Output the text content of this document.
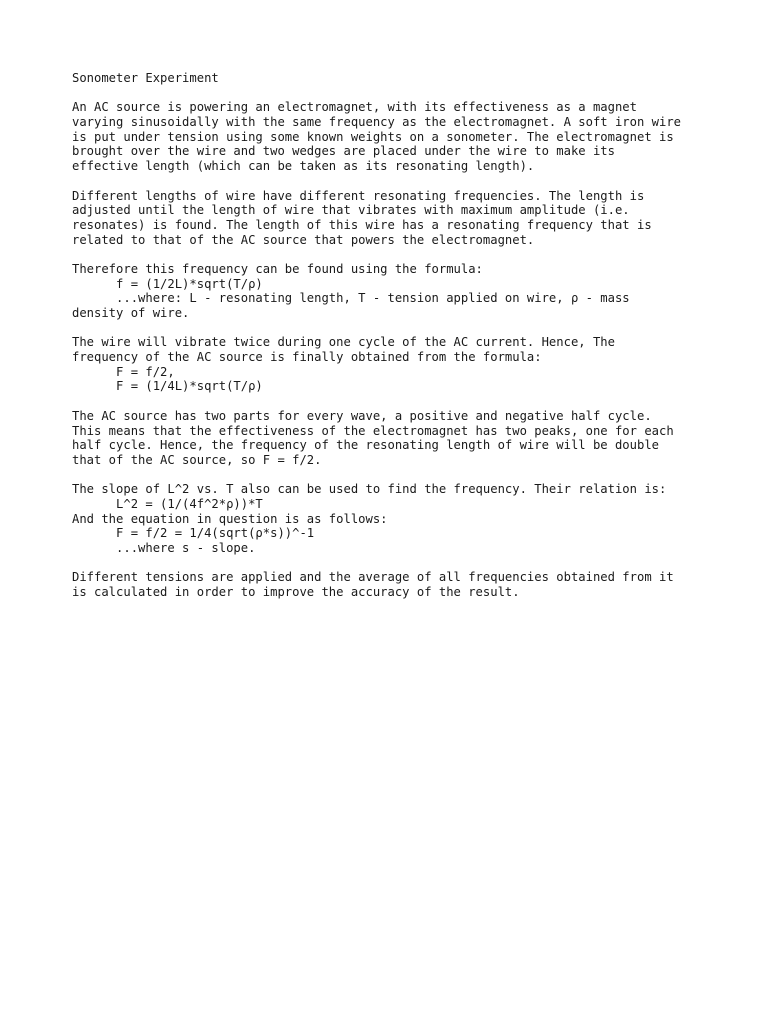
Sonometer Experiment
An AC source is powering an electromagnet, with its effectiveness as a magnet
varying sinusoidally with the same frequency as the electromagnet. A soft iron wire
is put under tension using some known weights on a sonometer. The electromagnet is
brought over the wire and two wedges are placed under the wire to make its
effective length (which can be taken as its resonating length).
Different lengths of wire have different resonating frequencies. The length is
adjusted until the length of wire that vibrates with maximum amplitude (i.e.
resonates) is found. The length of this wire has a resonating frequency that is
related to that of the AC source that powers the electromagnet.
Therefore this frequency can be found using the formula:
f = (1/2L)*sqrt(T/ρ)
...where: L - resonating length, T - tension applied on wire, ρ - mass
density of wire.
The wire will vibrate twice during one cycle of the AC current. Hence, The
frequency of the AC source is finally obtained from the formula:
F = f/2,
F = (1/4L)*sqrt(T/ρ)
The AC source has two parts for every wave, a positive and negative half cycle.
This means that the effectiveness of the electromagnet has two peaks, one for each
half cycle. Hence, the frequency of the resonating length of wire will be double
that of the AC source, so F = f/2.
The slope of L^2 vs. T also can be used to find the frequency. Their relation is:
L^2 = (1/(4f^2*ρ))*T
And the equation in question is as follows:
F = f/2 = 1/4(sqrt(ρ*s))^-1
...where s - slope.
Different tensions are applied and the average of all frequencies obtained from it
is calculated in order to improve the accuracy of the result.
